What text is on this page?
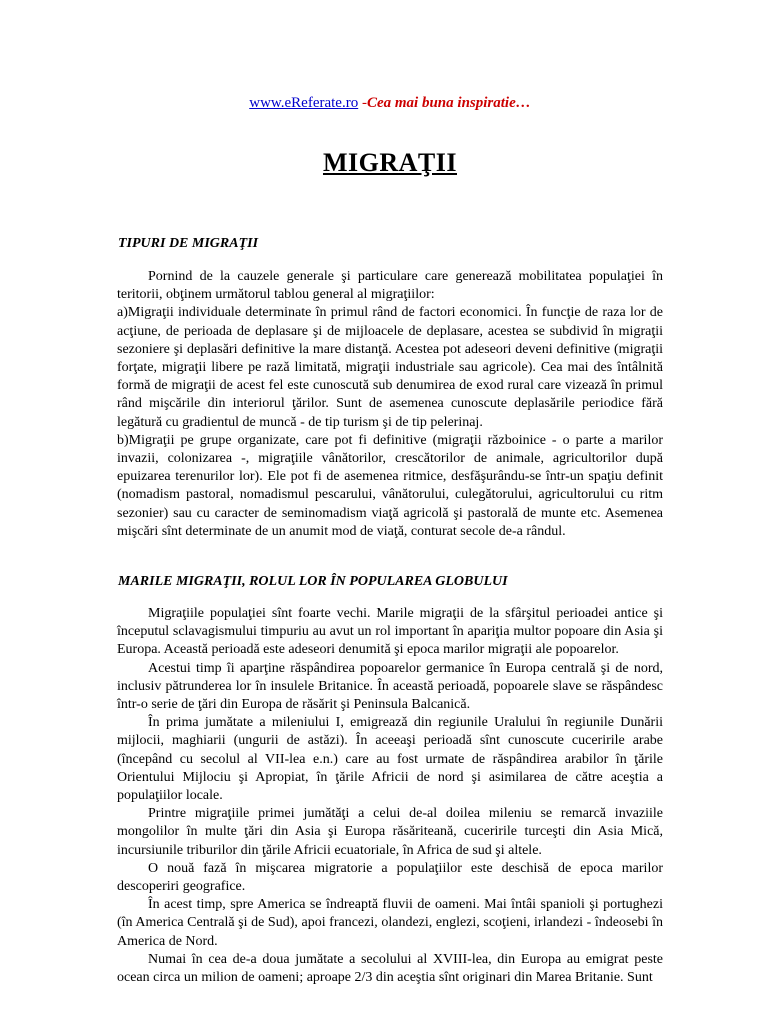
www.eReferate.ro -Cea mai buna inspiratie…
MIGRAŢII
TIPURI DE MIGRAŢII

Pornind de la cauzele generale şi particulare care generează mobilitatea populaţiei în teritorii, obţinem următorul tablou general al migraţiilor:

a)Migraţii individuale determinate în primul rând de factori economici. În funcţie de raza lor de acţiune, de perioada de deplasare şi de mijloacele de deplasare, acestea se subdivid în migraţii sezoniere şi deplasări definitive la mare distanţă. Acestea pot adeseori deveni definitive (migraţii forţate, migraţii libere pe rază limitată, migraţii industriale sau agricole). Cea mai des întâlnită formă de migraţii de acest fel este cunoscută sub denumirea de exod rural care vizează în primul rând mişcările din interiorul ţărilor. Sunt de asemenea cunoscute deplasările periodice fără legătură cu gradientul de muncă - de tip turism şi de tip pelerinaj.

b)Migraţii pe grupe organizate, care pot fi definitive (migraţii războinice - o parte a marilor invazii, colonizarea -, migraţiile vânătorilor, crescătorilor de animale, agricultorilor după epuizarea terenurilor lor). Ele pot fi de asemenea ritmice, desfăşurându-se într-un spaţiu definit (nomadism pastoral, nomadismul pescarului, vânătorului, culegătorului, agricultorului cu ritm sezonier) sau cu caracter de seminomadism viaţă agricolă şi pastorală de munte etc. Asemenea mişcări sînt determinate de un anumit mod de viaţă, conturat secole de-a rândul.

MARILE MIGRAŢII, ROLUL LOR ÎN POPULAREA GLOBULUI

Migraţiile populaţiei sînt foarte vechi. Marile migraţii de la sfârşitul perioadei antice şi începutul sclavagismului timpuriu au avut un rol important în apariţia multor popoare din Asia şi Europa. Această perioadă este adeseori denumită şi epoca marilor migraţii ale popoarelor.

Acestui timp îi aparţine răspândirea popoarelor germanice în Europa centrală şi de nord, inclusiv pătrunderea lor în insulele Britanice. În această perioadă, popoarele slave se răspândesc într-o serie de ţări din Europa de răsărit şi Peninsula Balcanică.

În prima jumătate a mileniului I, emigrează din regiunile Uralului în regiunile Dunării mijlocii, maghiarii (ungurii de astăzi). În aceeaşi perioadă sînt cunoscute cuceririle arabe (începând cu secolul al VII-lea e.n.) care au fost urmate de răspândirea arabilor în ţările Orientului Mijlociu şi Apropiat, în ţările Africii de nord şi asimilarea de către aceştia a populaţiilor locale.

Printre migraţiile primei jumătăţi a celui de-al doilea mileniu se remarcă invaziile mongolilor în multe ţări din Asia şi Europa răsăriteană, cuceririle turceşti din Asia Mică, incursiunile triburilor din ţările Africii ecuatoriale, în Africa de sud şi altele.

O nouă fază în mişcarea migratorie a populaţiilor este deschisă de epoca marilor descoperiri geografice.

În acest timp, spre America se îndreaptă fluvii de oameni. Mai întâi spanioli şi portughezi (în America Centrală şi de Sud), apoi francezi, olandezi, englezi, scoţieni, irlandezi - îndeosebi în America de Nord.

Numai în cea de-a doua jumătate a secolului al XVIII-lea, din Europa au emigrat peste ocean circa un milion de oameni; aproape 2/3 din aceştia sînt originari din Marea Britanie. Sunt
